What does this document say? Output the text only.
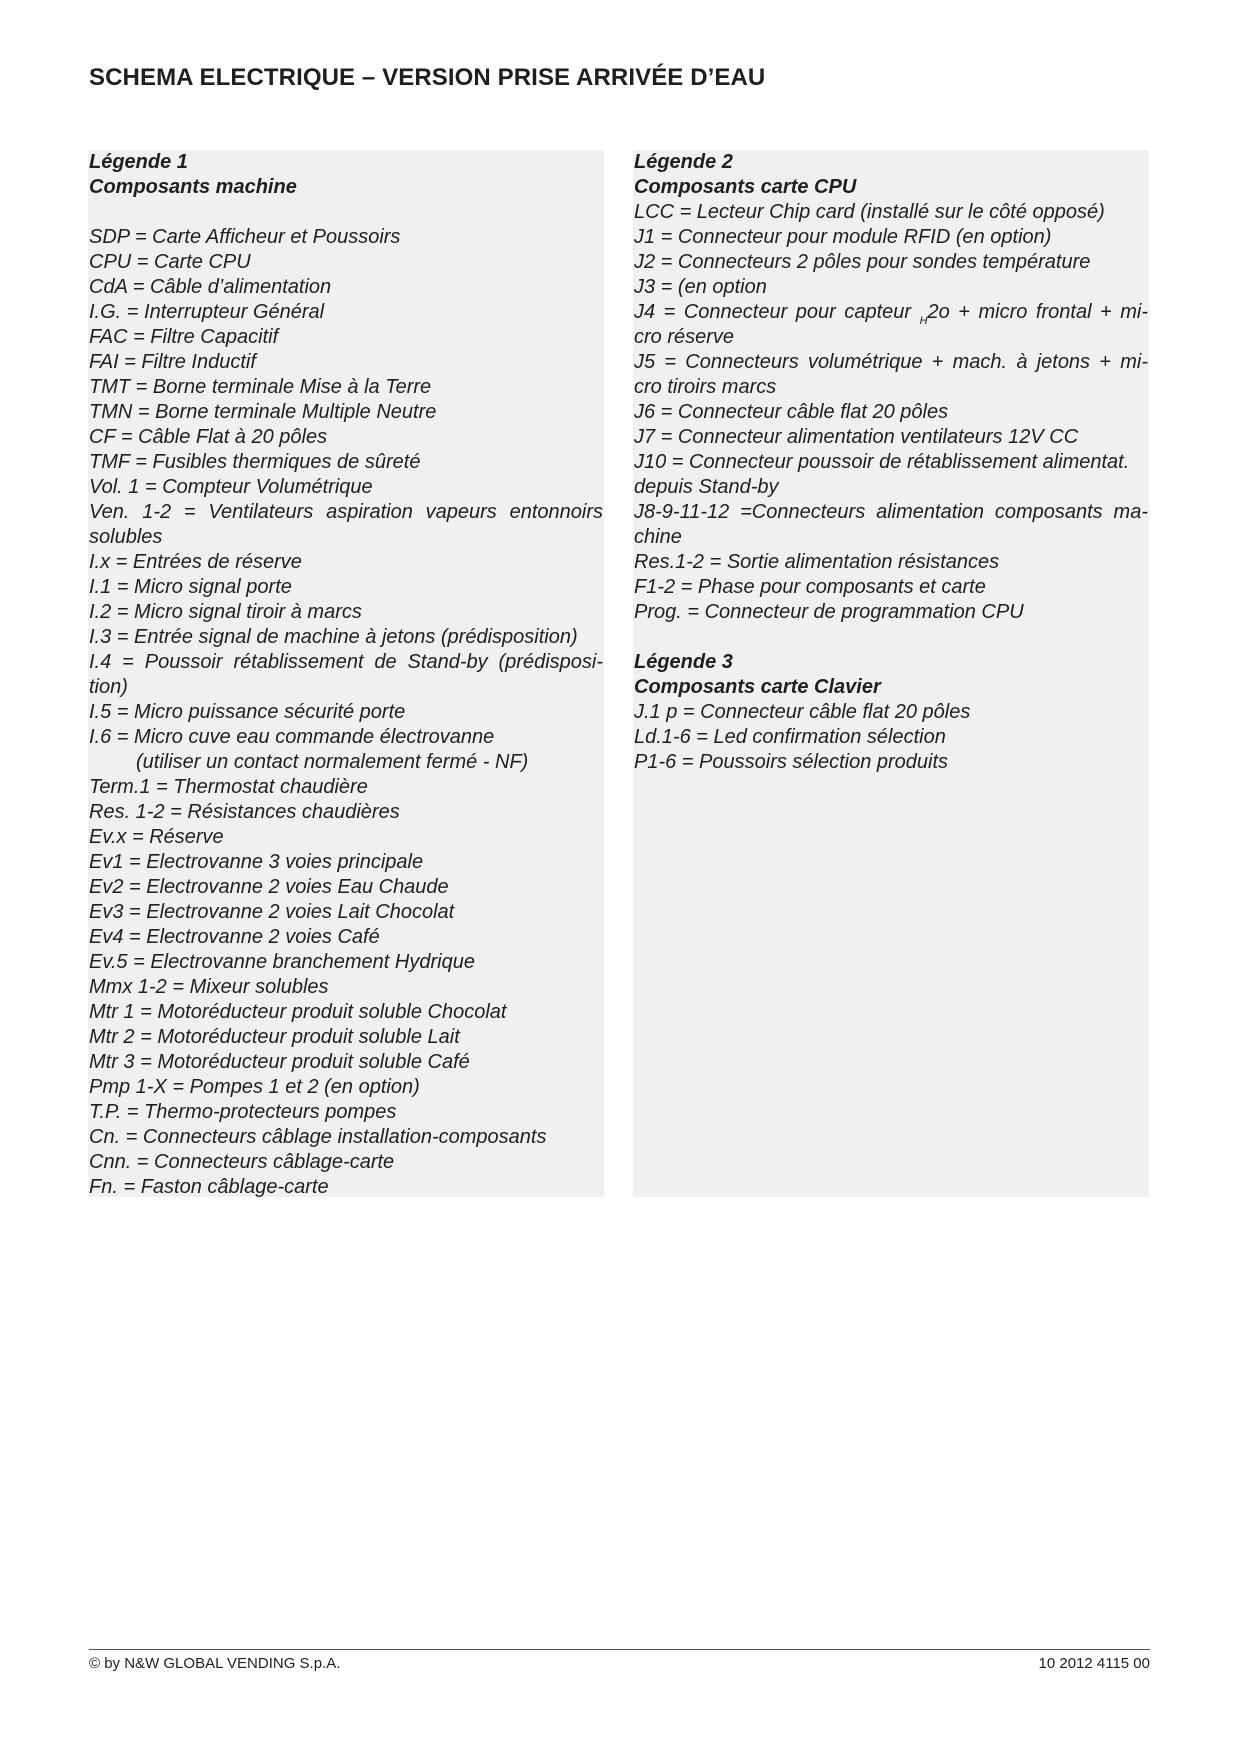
SCHEMA ELECTRIQUE – VERSION PRISE ARRIVÉE D’EAU

Légende 1

Composants machine

SDP = Carte Afficheur et Poussoirs

CPU = Carte CPU

CdA = Câble d’alimentation

I.G. = Interrupteur Général

FAC = Filtre Capacitif

FAI = Filtre Inductif

TMT = Borne terminale Mise à la Terre

TMN = Borne terminale Multiple Neutre

CF = Câble Flat à 20 pôles

TMF = Fusibles thermiques de sûreté

Vol. 1 = Compteur Volumétrique

Ven. 1-2 = Ventilateurs aspiration vapeurs entonnoirs

solubles

I.x = Entrées de réserve

I.1 = Micro signal porte

I.2 = Micro signal tiroir à marcs

I.3 = Entrée signal de machine à jetons (prédisposition)

I.4 = Poussoir rétablissement de Stand-by (prédisposi-

tion)

I.5 = Micro puissance sécurité porte

I.6 = Micro cuve eau commande électrovanne

(utiliser un contact normalement fermé - NF)

Term.1 = Thermostat chaudière

Res. 1-2 = Résistances chaudières

Ev.x = Réserve

Ev1 = Electrovanne 3 voies principale

Ev2 = Electrovanne 2 voies Eau Chaude

Ev3 = Electrovanne 2 voies Lait Chocolat

Ev4 = Electrovanne 2 voies Café

Ev.5 = Electrovanne branchement Hydrique

Mmx 1-2 = Mixeur solubles

Mtr 1 = Motoréducteur produit soluble Chocolat

Mtr 2 = Motoréducteur produit soluble Lait

Mtr 3 = Motoréducteur produit soluble Café

Pmp 1-X = Pompes 1 et 2 (en option)

T.P. = Thermo-protecteurs pompes

Cn. = Connecteurs câblage installation-composants

Cnn. = Connecteurs câblage-carte

Fn. = Faston câblage-carte

Légende 2

Composants carte CPU

LCC = Lecteur Chip card (installé sur le côté opposé)

J1 = Connecteur pour module RFID (en option)

J2 = Connecteurs 2 pôles pour sondes température

J3 = (en option

J4 = Connecteur pour capteur $_H$2o + micro frontal + mi-

cro réserve

J5 = Connecteurs volumétrique + mach. à jetons + mi-

cro tiroirs marcs

J6 = Connecteur câble flat 20 pôles

J7 = Connecteur alimentation ventilateurs 12V CC

J10 = Connecteur poussoir de rétablissement alimentat.

depuis Stand-by

J8-9-11-12 =Connecteurs alimentation composants ma-

chine

Res.1-2 = Sortie alimentation résistances

F1-2 = Phase pour composants et carte

Prog. = Connecteur de programmation CPU

Légende 3

Composants carte Clavier

J.1 p = Connecteur câble flat 20 pôles

Ld.1-6 = Led confirmation sélection

P1-6 = Poussoirs sélection produits

© by N&W GLOBAL VENDING S.p.A.	10 2012 4115 00
